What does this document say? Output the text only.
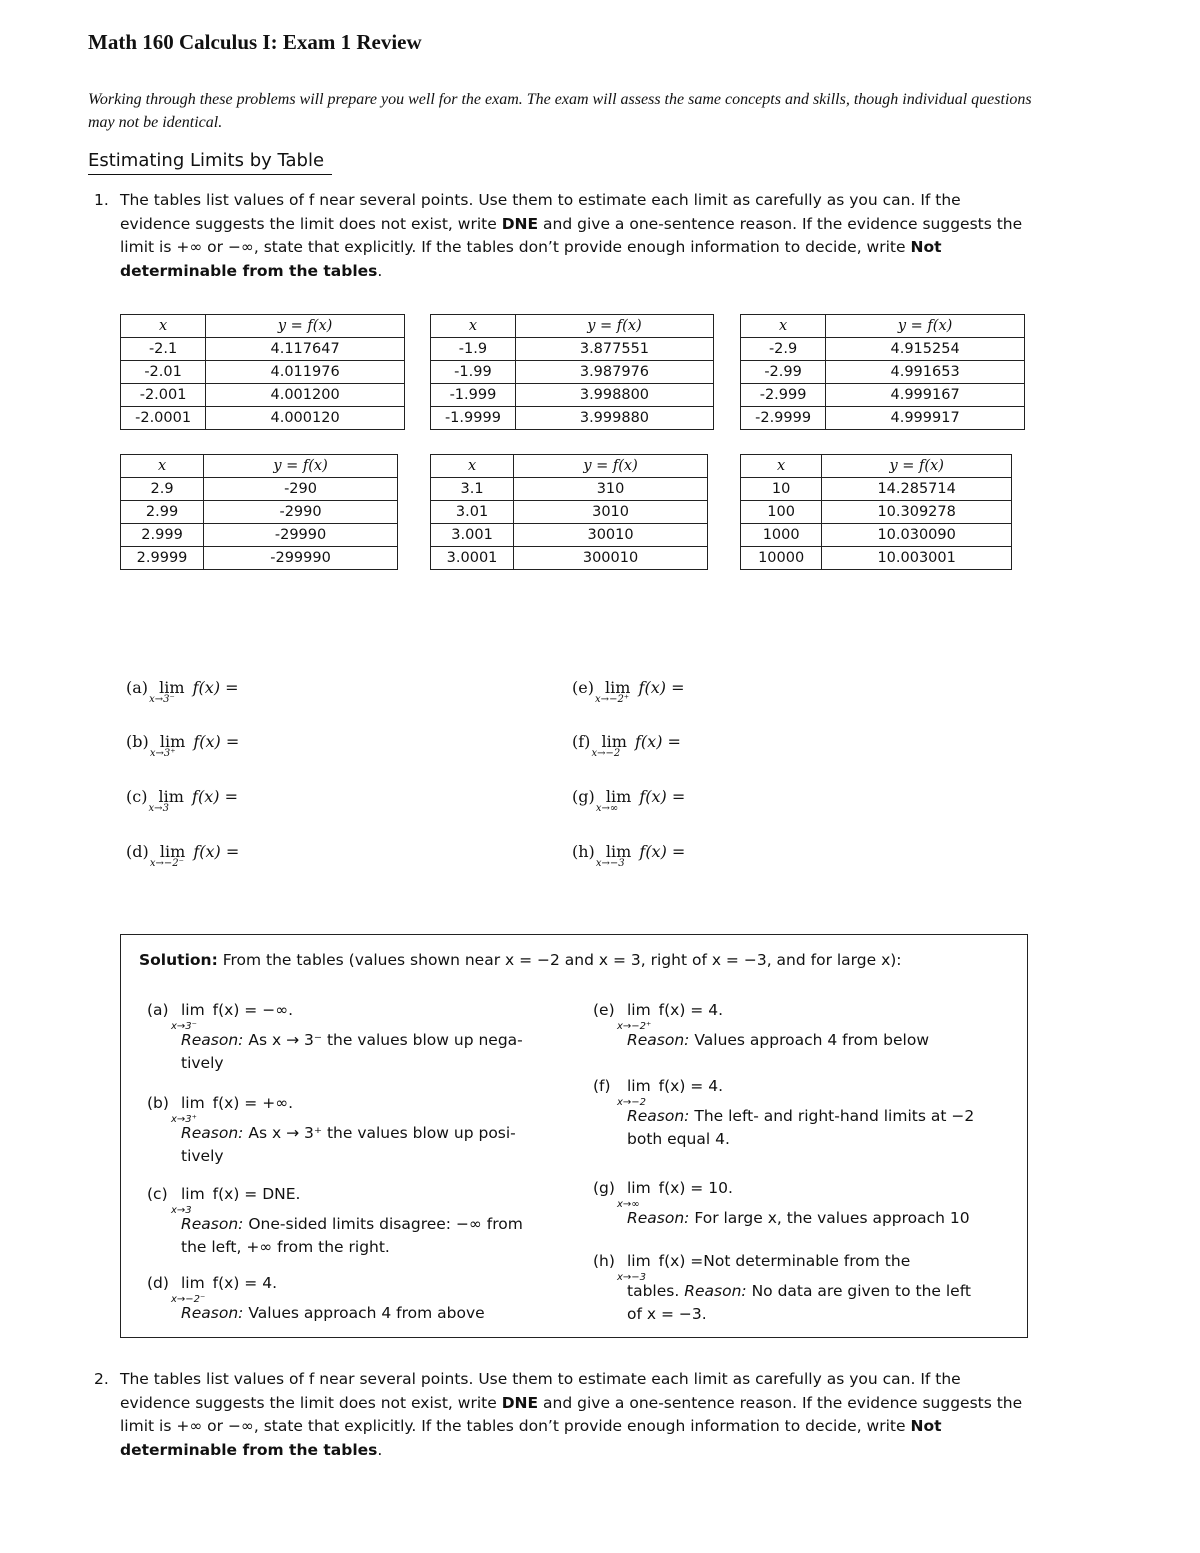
Math 160 Calculus I: Exam 1 Review
Working through these problems will prepare you well for the exam. The exam will assess the same concepts and skills, though individual questions may not be identical.
Estimating Limits by Table
1. The tables list values of f near several points. Use them to estimate each limit as carefully as you can. If the evidence suggests the limit does not exist, write DNE and give a one-sentence reason. If the evidence suggests the limit is +∞ or −∞, state that explicitly. If the tables don’t provide enough information to decide, write Not determinable from the tables.
x	y = f(x)
-2.1	4.117647
-2.01	4.011976
-2.001	4.001200
-2.0001	4.000120
x	y = f(x)
-1.9	3.877551
-1.99	3.987976
-1.999	3.998800
-1.9999	3.999880
x	y = f(x)
-2.9	4.915254
-2.99	4.991653
-2.999	4.999167
-2.9999	4.999917
x	y = f(x)
2.9	-290
2.99	-2990
2.999	-29990
2.9999	-299990
x	y = f(x)
3.1	310
3.01	3010
3.001	30010
3.0001	300010
x	y = f(x)
10	14.285714
100	10.309278
1000	10.030090
10000	10.003001
(a) lim
x→3⁻
f(x) =
(b) lim
x→3⁺
f(x) =
(c) lim
x→3
f(x) =
(d) lim
x→−2⁻
f(x) =
(e) lim
x→−2⁺
f(x) =
(f) lim
x→−2
f(x) =
(g) lim
x→∞
f(x) =
(h) lim
x→−3
f(x) =
Solution: From the tables (values shown near x = −2 and x = 3, right of x = −3, and for large x):
(a) lim
x→3⁻
f(x) = −∞.
Reason: As x → 3⁻ the values blow up nega-
tively
(b) lim
x→3⁺
f(x) = +∞.
Reason: As x → 3⁺ the values blow up posi-
tively
(c) lim
x→3
f(x) = DNE.
Reason: One-sided limits disagree: −∞ from
the left, +∞ from the right.
(d) lim
x→−2⁻
f(x) = 4.
Reason: Values approach 4 from above
(e) lim
x→−2⁺
f(x) = 4.
Reason: Values approach 4 from below
(f) lim
x→−2
f(x) = 4.
Reason: The left- and right-hand limits at −2
both equal 4.
(g) lim
x→∞
f(x) = 10.
Reason: For large x, the values approach 10
(h) lim
x→−3
f(x) =Not determinable from the
tables. Reason: No data are given to the left
of x = −3.
2. The tables list values of f near several points. Use them to estimate each limit as carefully as you can. If the evidence suggests the limit does not exist, write DNE and give a one-sentence reason. If the evidence suggests the limit is +∞ or −∞, state that explicitly. If the tables don’t provide enough information to decide, write Not determinable from the tables.
